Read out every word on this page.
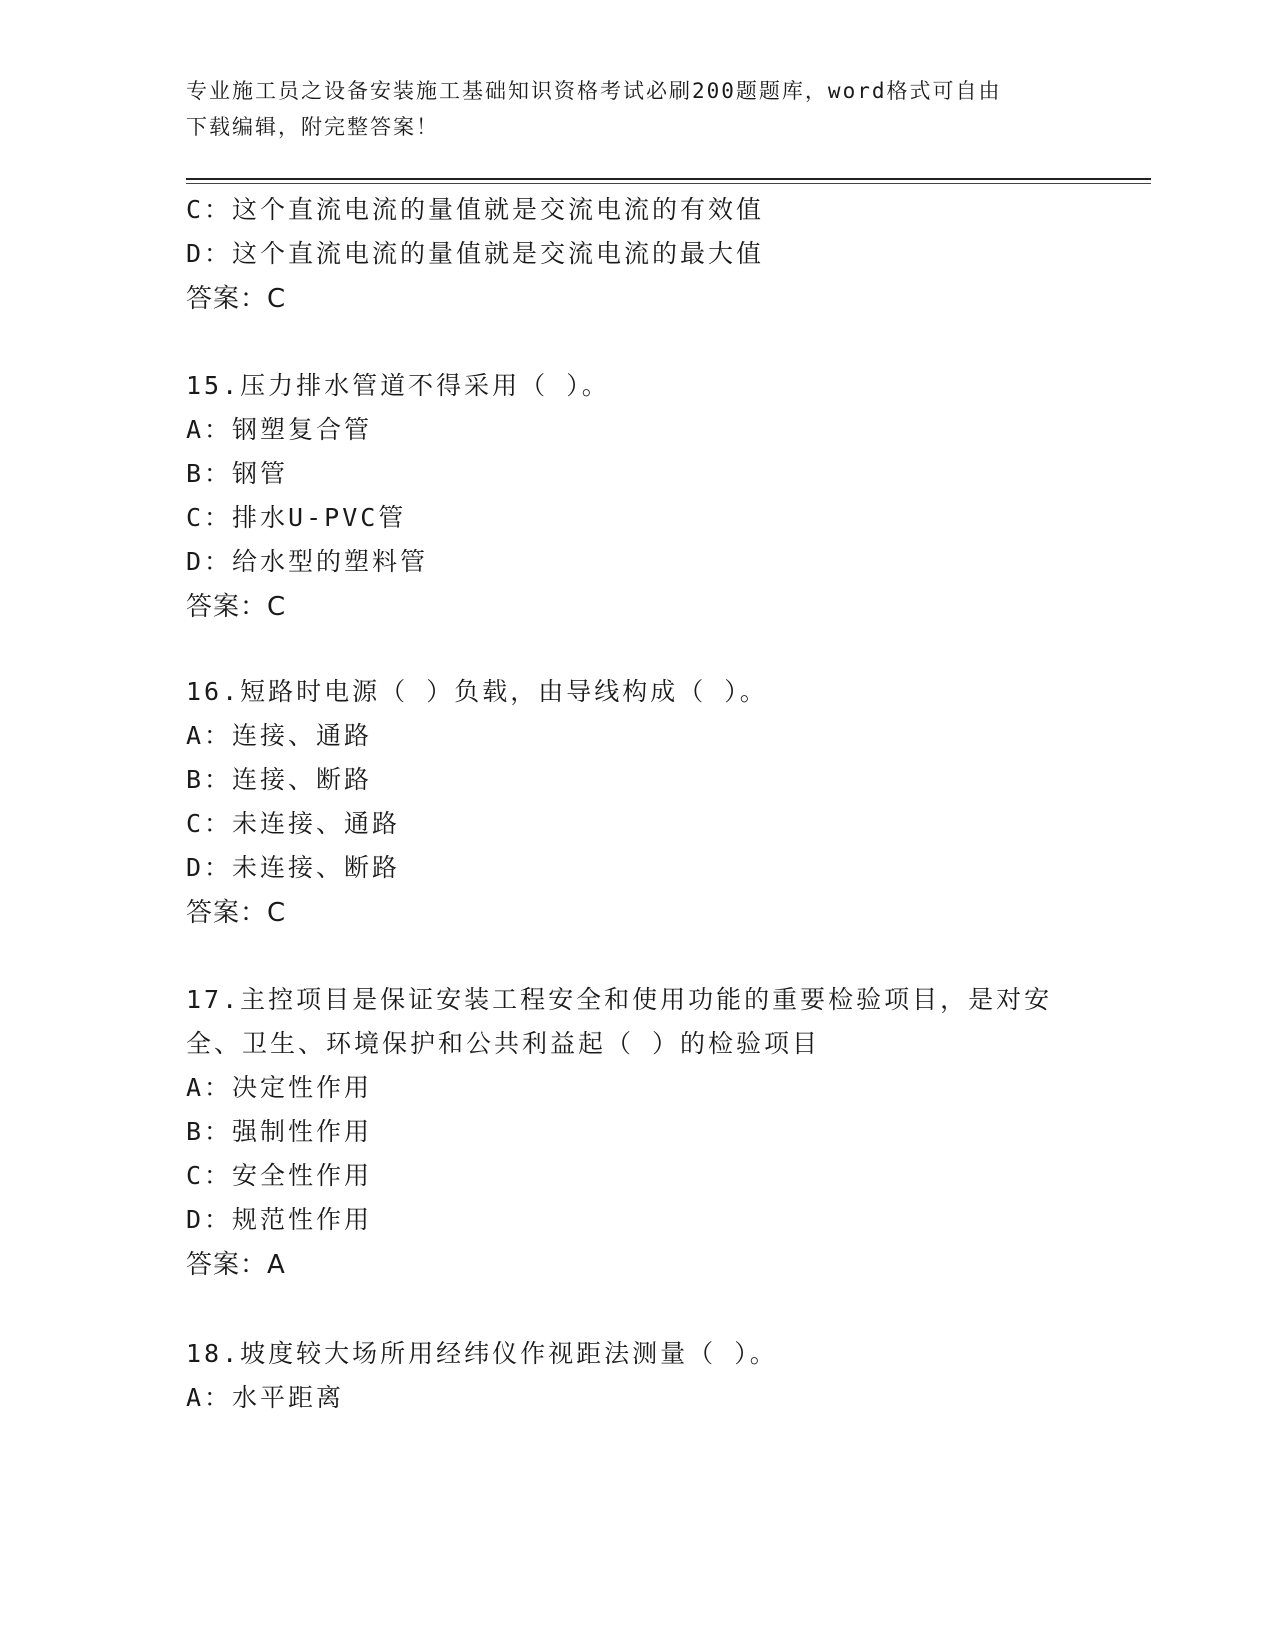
专业施工员之设备安装施工基础知识资格考试必刷200题题库，word格式可自由
下载编辑，附完整答案！
C：这个直流电流的量值就是交流电流的有效值
D：这个直流电流的量值就是交流电流的最大值
答案：C
15.压力排水管道不得采用（ ）。
A：钢塑复合管
B：钢管
C：排水U-PVC管
D：给水型的塑料管
答案：C
16.短路时电源（ ）负载，由导线构成（ ）。
A：连接、通路
B：连接、断路
C：未连接、通路
D：未连接、断路
答案：C
17.主控项目是保证安装工程安全和使用功能的重要检验项目，是对安
全、卫生、环境保护和公共利益起（ ）的检验项目
A：决定性作用
B：强制性作用
C：安全性作用
D：规范性作用
答案：A
18.坡度较大场所用经纬仪作视距法测量（ ）。
A：水平距离
